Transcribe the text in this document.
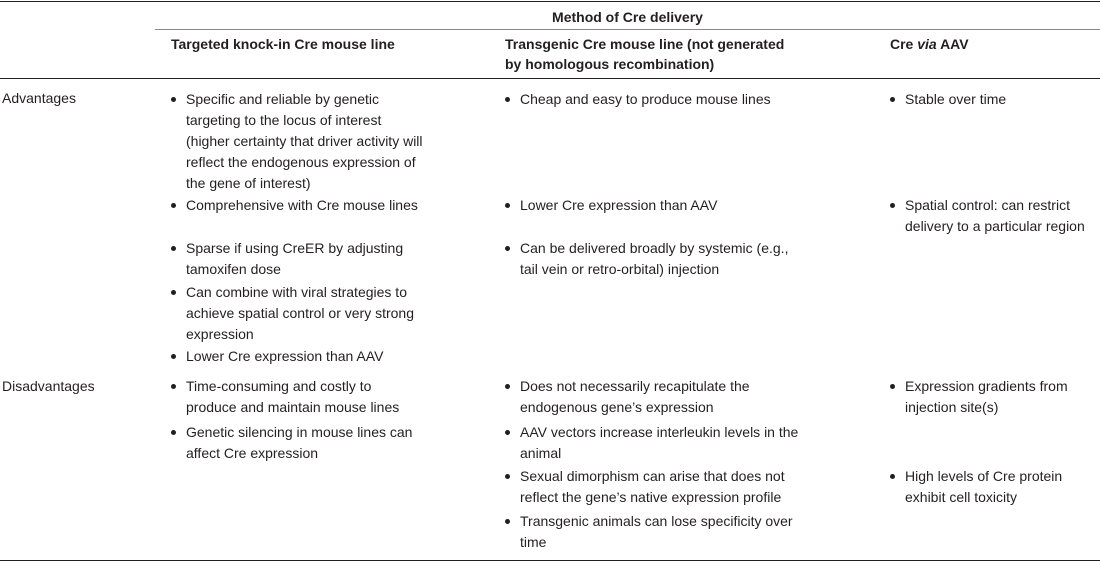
Method of Cre delivery
Targeted knock-in Cre mouse line	Transgenic Cre mouse line (not generated
by homologous recombination)
Cre via AAV
Advantages
Disadvantages
Specific and reliable by genetic
targeting to the locus of interest
(higher certainty that driver activity will
reflect the endogenous expression of
the gene of interest)
Comprehensive with Cre mouse lines
Sparse if using CreER by adjusting
tamoxifen dose
Can combine with viral strategies to
achieve spatial control or very strong
expression
Lower Cre expression than AAV
Cheap and easy to produce mouse lines
Lower Cre expression than AAV
Can be delivered broadly by systemic (e.g.,
tail vein or retro-orbital) injection
Stable over time
Spatial control: can restrict
delivery to a particular region
Time-consuming and costly to
produce and maintain mouse lines
Genetic silencing in mouse lines can
affect Cre expression
Does not necessarily recapitulate the
endogenous gene’s expression
AAV vectors increase interleukin levels in the
animal
Sexual dimorphism can arise that does not
reflect the gene’s native expression profile
Transgenic animals can lose specificity over
time
Expression gradients from
injection site(s)
High levels of Cre protein
exhibit cell toxicity
